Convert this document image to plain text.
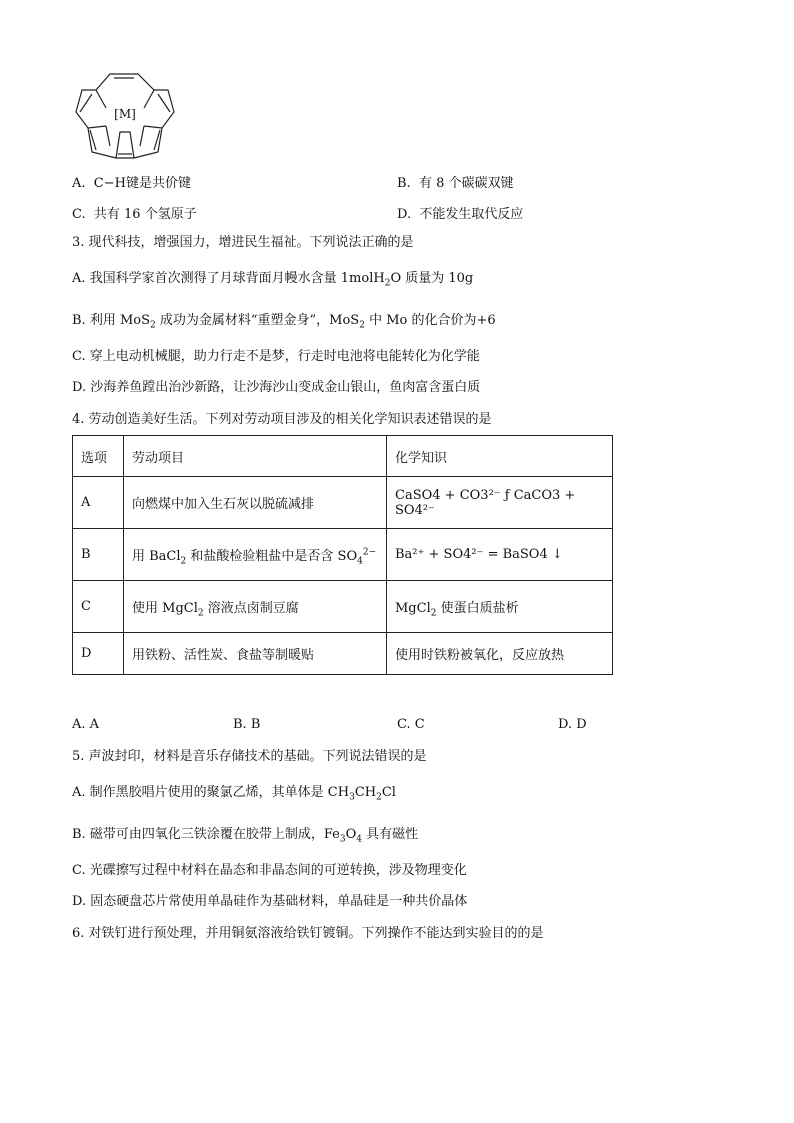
[M]
A. C−H键是共价键	B. 有 8 个碳碳双键
C. 共有 16 个氢原子	D. 不能发生取代反应
3. 现代科技，增强国力，增进民生福祉。下列说法正确的是
A. 我国科学家首次测得了月球背面月幔水含量 1molH$_2$O 质量为 10g
B. 利用 MoS$_2$ 成功为金属材料“重塑金身”，MoS$_2$ 中 Mo 的化合价为+6
C. 穿上电动机械腿，助力行走不是梦，行走时电池将电能转化为化学能
D. 沙海养鱼蹚出治沙新路，让沙海沙山变成金山银山，鱼肉富含蛋白质
4. 劳动创造美好生活。下列对劳动项目涉及的相关化学知识表述错误的是
选项	劳动项目	化学知识
A	向燃煤中加入生石灰以脱硫减排	CaSO4 + CO3²⁻ ƒ CaCO3 + SO4²⁻
B	用 BaCl$_2$ 和盐酸检验粗盐中是否含 $SO_4^{2-}$	Ba²⁺ + SO4²⁻ = BaSO4 ↓
C	使用 MgCl$_2$ 溶液点卤制豆腐	MgCl$_2$ 使蛋白质盐析
D	用铁粉、活性炭、食盐等制暖贴	使用时铁粉被氧化，反应放热
A. A	B. B	C. C	D. D
5. 声波封印，材料是音乐存储技术的基础。下列说法错误的是
A. 制作黑胶唱片使用的聚氯乙烯，其单体是 $CH_3CH_2Cl$
B. 磁带可由四氧化三铁涂覆在胶带上制成，$Fe_3O_4$ 具有磁性
C. 光碟擦写过程中材料在晶态和非晶态间的可逆转换，涉及物理变化
D. 固态硬盘芯片常使用单晶硅作为基础材料，单晶硅是一种共价晶体
6. 对铁钉进行预处理，并用铜氨溶液给铁钉镀铜。下列操作不能达到实验目的的是
